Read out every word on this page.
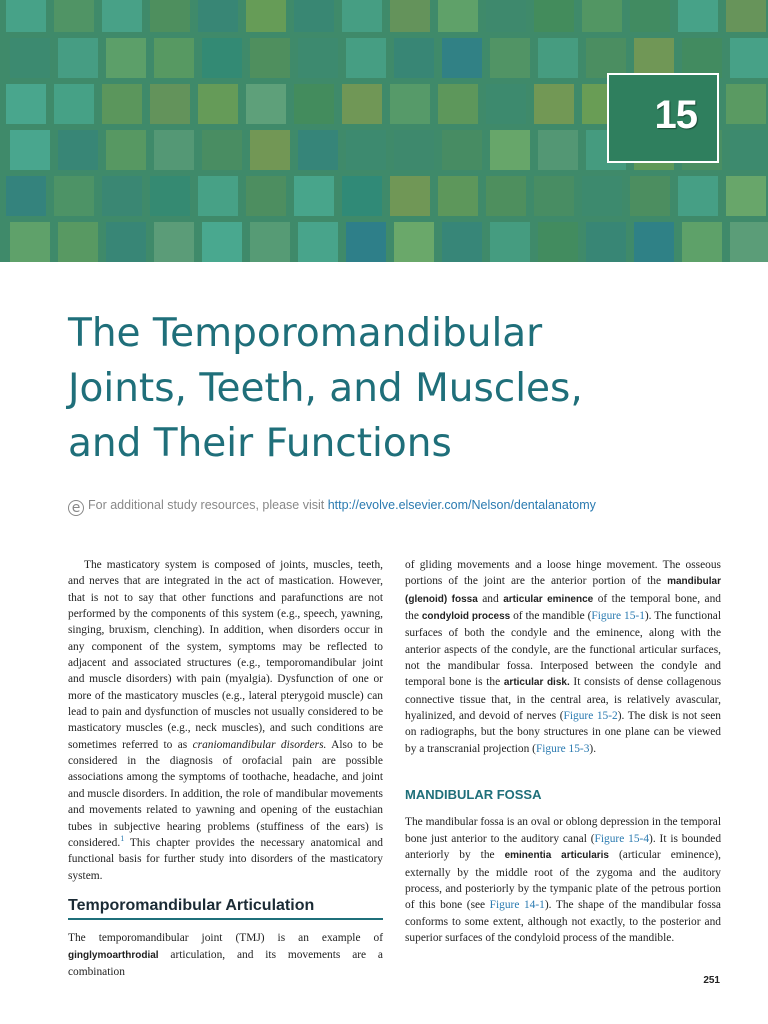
15
The Temporomandibular
Joints, Teeth, and Muscles,
and Their Functions
e For additional study resources, please visit http://evolve.elsevier.com/Nelson/dentalanatomy

The masticatory system is composed of joints, muscles, teeth, and nerves that are integrated in the act of mastication. However, that is not to say that other functions and parafunctions are not performed by the components of this system (e.g., speech, yawning, singing, bruxism, clenching). In addition, when disorders occur in any component of the system, symptoms may be reflected to adjacent and associated structures (e.g., temporomandibular joint and muscle disorders) with pain (myalgia). Dysfunction of one or more of the masticatory muscles (e.g., lateral pterygoid muscle) can lead to pain and dysfunction of muscles not usually considered to be masticatory muscles (e.g., neck muscles), and such conditions are sometimes referred to as craniomandibular disorders. Also to be considered in the diagnosis of orofacial pain are possible associations among the symptoms of toothache, headache, and joint and muscle disorders. In addition, the role of mandibular movements and movements related to yawning and opening of the eustachian tubes in subjective hearing problems (stuffiness of the ears) is considered.$^1$ This chapter provides the necessary anatomical and functional basis for further study into disorders of the masticatory system.

Temporomandibular Articulation

The temporomandibular joint (TMJ) is an example of ginglymoarthrodial articulation, and its movements are a combination

of gliding movements and a loose hinge movement. The osseous portions of the joint are the anterior portion of the mandibular (glenoid) fossa and articular eminence of the temporal bone, and the condyloid process of the mandible (Figure 15-1). The functional surfaces of both the condyle and the eminence, along with the anterior aspects of the condyle, are the functional articular surfaces, not the mandibular fossa. Interposed between the condyle and temporal bone is the articular disk. It consists of dense collagenous connective tissue that, in the central area, is relatively avascular, hyalinized, and devoid of nerves (Figure 15-2). The disk is not seen on radiographs, but the bony structures in one plane can be viewed by a transcranial projection (Figure 15-3).

MANDIBULAR FOSSA

The mandibular fossa is an oval or oblong depression in the temporal bone just anterior to the auditory canal (Figure 15-4). It is bounded anteriorly by the eminentia articularis (articular eminence), externally by the middle root of the zygoma and the auditory process, and posteriorly by the tympanic plate of the petrous portion of this bone (see Figure 14-1). The shape of the mandibular fossa conforms to some extent, although not exactly, to the posterior and superior surfaces of the condyloid process of the mandible.

251
